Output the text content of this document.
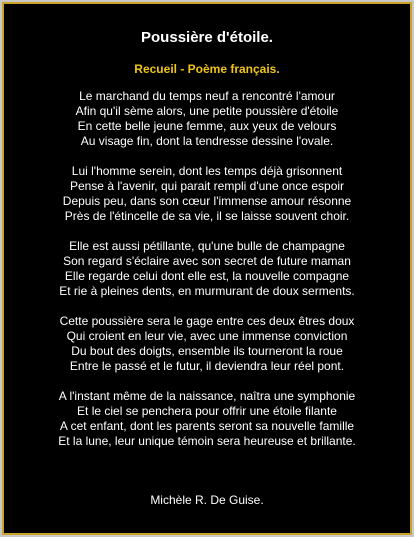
Poussière d'étoile.
Recueil - Poème français.
Le marchand du temps neuf a rencontré l'amour
Afin qu'il sème alors, une petite poussière d'étoile
En cette belle jeune femme, aux yeux de velours
Au visage fin, dont la tendresse dessine l'ovale.
Lui l'homme serein, dont les temps déjà grisonnent
Pense à l'avenir, qui parait rempli d'une once espoir
Depuis peu, dans son cœur l'immense amour résonne
Près de l'étincelle de sa vie, il se laisse souvent choir.
Elle est aussi pétillante, qu'une bulle de champagne
Son regard s'éclaire avec son secret de future maman
Elle regarde celui dont elle est, la nouvelle compagne
Et rie à pleines dents, en murmurant de doux serments.
Cette poussière sera le gage entre ces deux êtres doux
Qui croient en leur vie, avec une immense conviction
Du bout des doigts, ensemble ils tourneront la roue
Entre le passé et le futur, il deviendra leur réel pont.
A l'instant même de la naissance, naîtra une symphonie
Et le ciel se penchera pour offrir une étoile filante
A cet enfant, dont les parents seront sa nouvelle famille
Et la lune, leur unique témoin sera heureuse et brillante.
Michèle R. De Guise.
